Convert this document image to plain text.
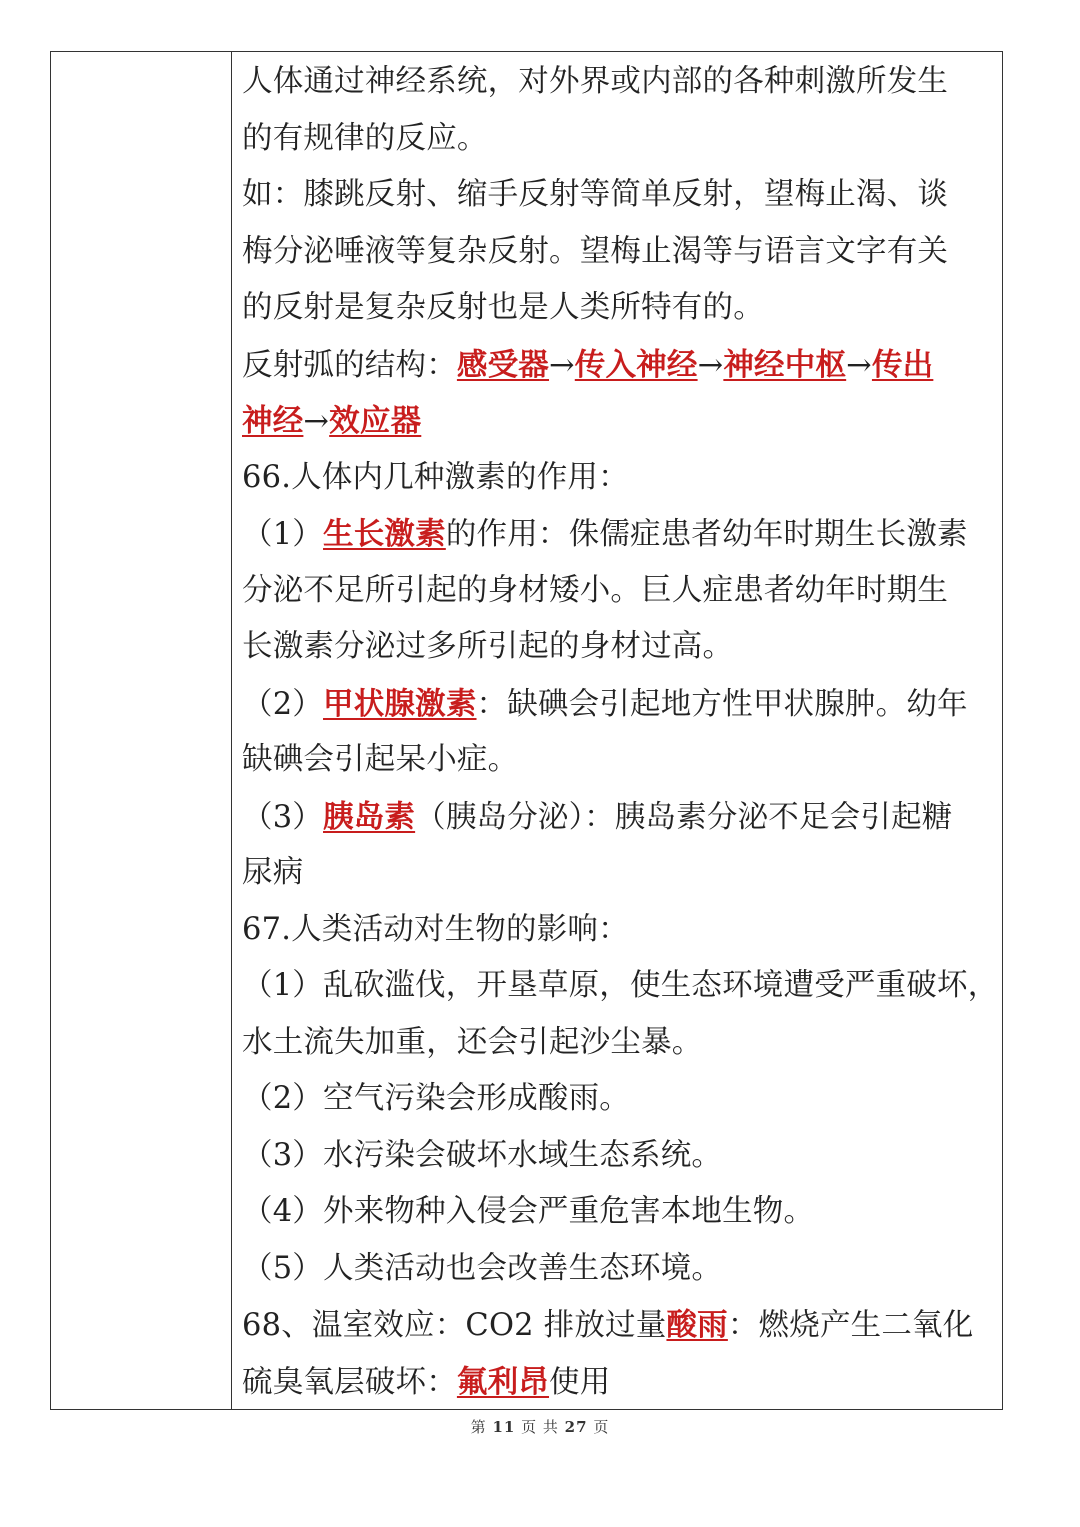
人体通过神经系统，对外界或内部的各种刺激所发生
的有规律的反应。
如：膝跳反射、缩手反射等简单反射，望梅止渴、谈
梅分泌唾液等复杂反射。望梅止渴等与语言文字有关
的反射是复杂反射也是人类所特有的。
反射弧的结构：感受器→传入神经→神经中枢→传出
神经→效应器
66.人体内几种激素的作用：
（1）生长激素的作用：侏儒症患者幼年时期生长激素
分泌不足所引起的身材矮小。巨人症患者幼年时期生
长激素分泌过多所引起的身材过高。
（2）甲状腺激素：缺碘会引起地方性甲状腺肿。幼年
缺碘会引起呆小症。
（3）胰岛素（胰岛分泌）：胰岛素分泌不足会引起糖
尿病
67.人类活动对生物的影响：
（1）乱砍滥伐，开垦草原，使生态环境遭受严重破坏，
水土流失加重，还会引起沙尘暴。
（2）空气污染会形成酸雨。
（3）水污染会破坏水域生态系统。
（4）外来物种入侵会严重危害本地生物。
（5）人类活动也会改善生态环境。
68、温室效应：CO2 排放过量酸雨：燃烧产生二氧化
硫臭氧层破坏：氟利昂使用
第 11 页 共 27 页
